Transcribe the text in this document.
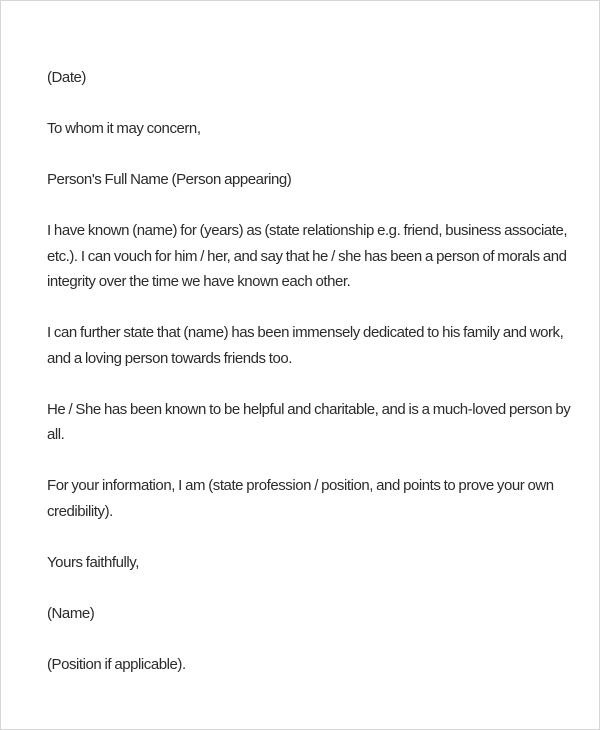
(Date)

To whom it may concern,

Person's Full Name (Person appearing)

I have known (name) for (years) as (state relationship e.g. friend, business associate, etc.). I can vouch for him / her, and say that he / she has been a person of morals and integrity over the time we have known each other.

I can further state that (name) has been immensely dedicated to his family and work, and a loving person towards friends too.

He / She has been known to be helpful and charitable, and is a much-loved person by all.

For your information, I am (state profession / position, and points to prove your own credibility).

Yours faithfully,

(Name)

(Position if applicable).
